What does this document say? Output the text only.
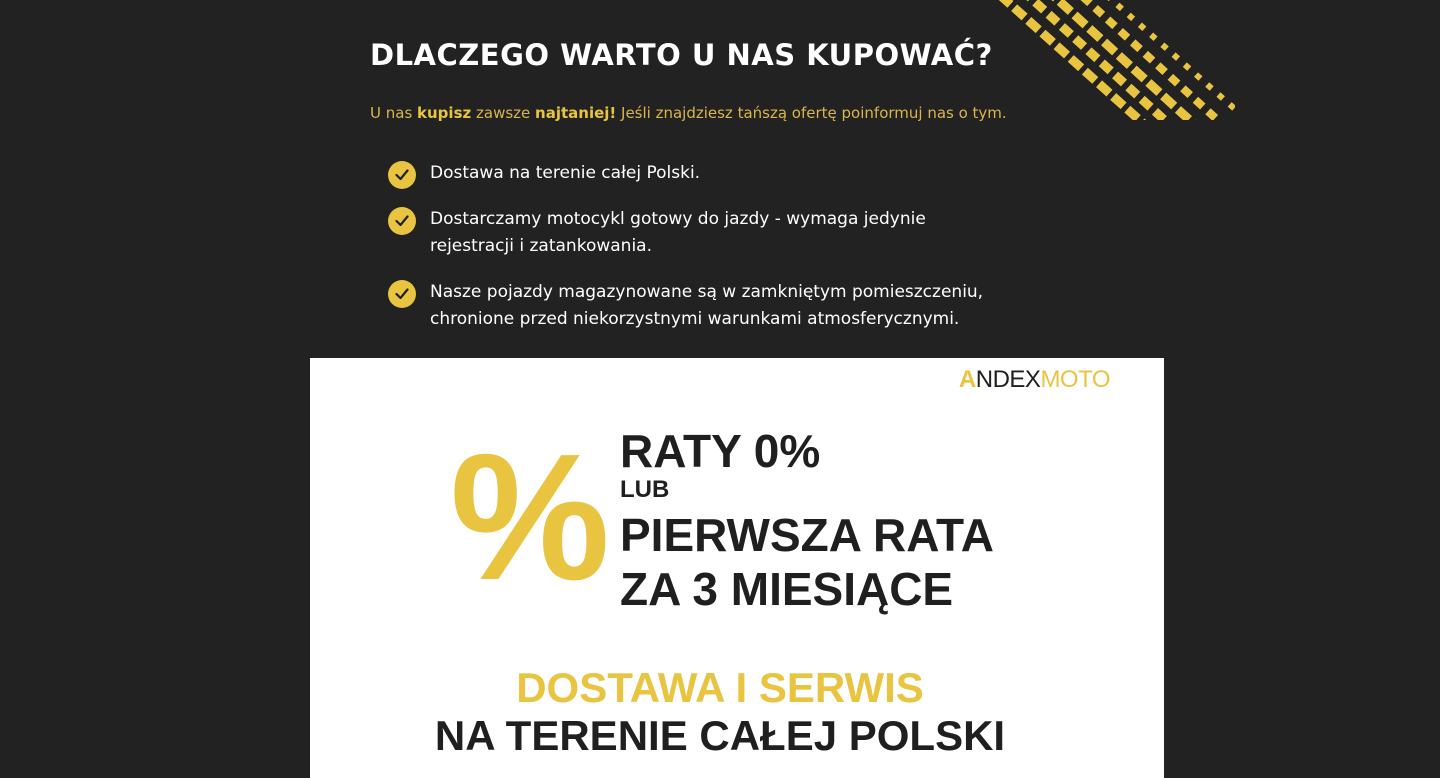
DLACZEGO WARTO U NAS KUPOWAĆ?

U nas kupisz zawsze najtaniej! Jeśli znajdziesz tańszą ofertę poinformuj nas o tym.

Dostawa na terenie całej Polski.
Dostarczamy motocykl gotowy do jazdy - wymaga jedynie
rejestracji i zatankowania.
Nasze pojazdy magazynowane są w zamkniętym pomieszczeniu,
chronione przed niekorzystnymi warunkami atmosferycznymi.
ANDEXMOTO
% RATY 0%

LUB

PIERWSZA RATA

ZA 3 MIESIĄCE

DOSTAWA I SERWIS

NA TERENIE CAŁEJ POLSKI
